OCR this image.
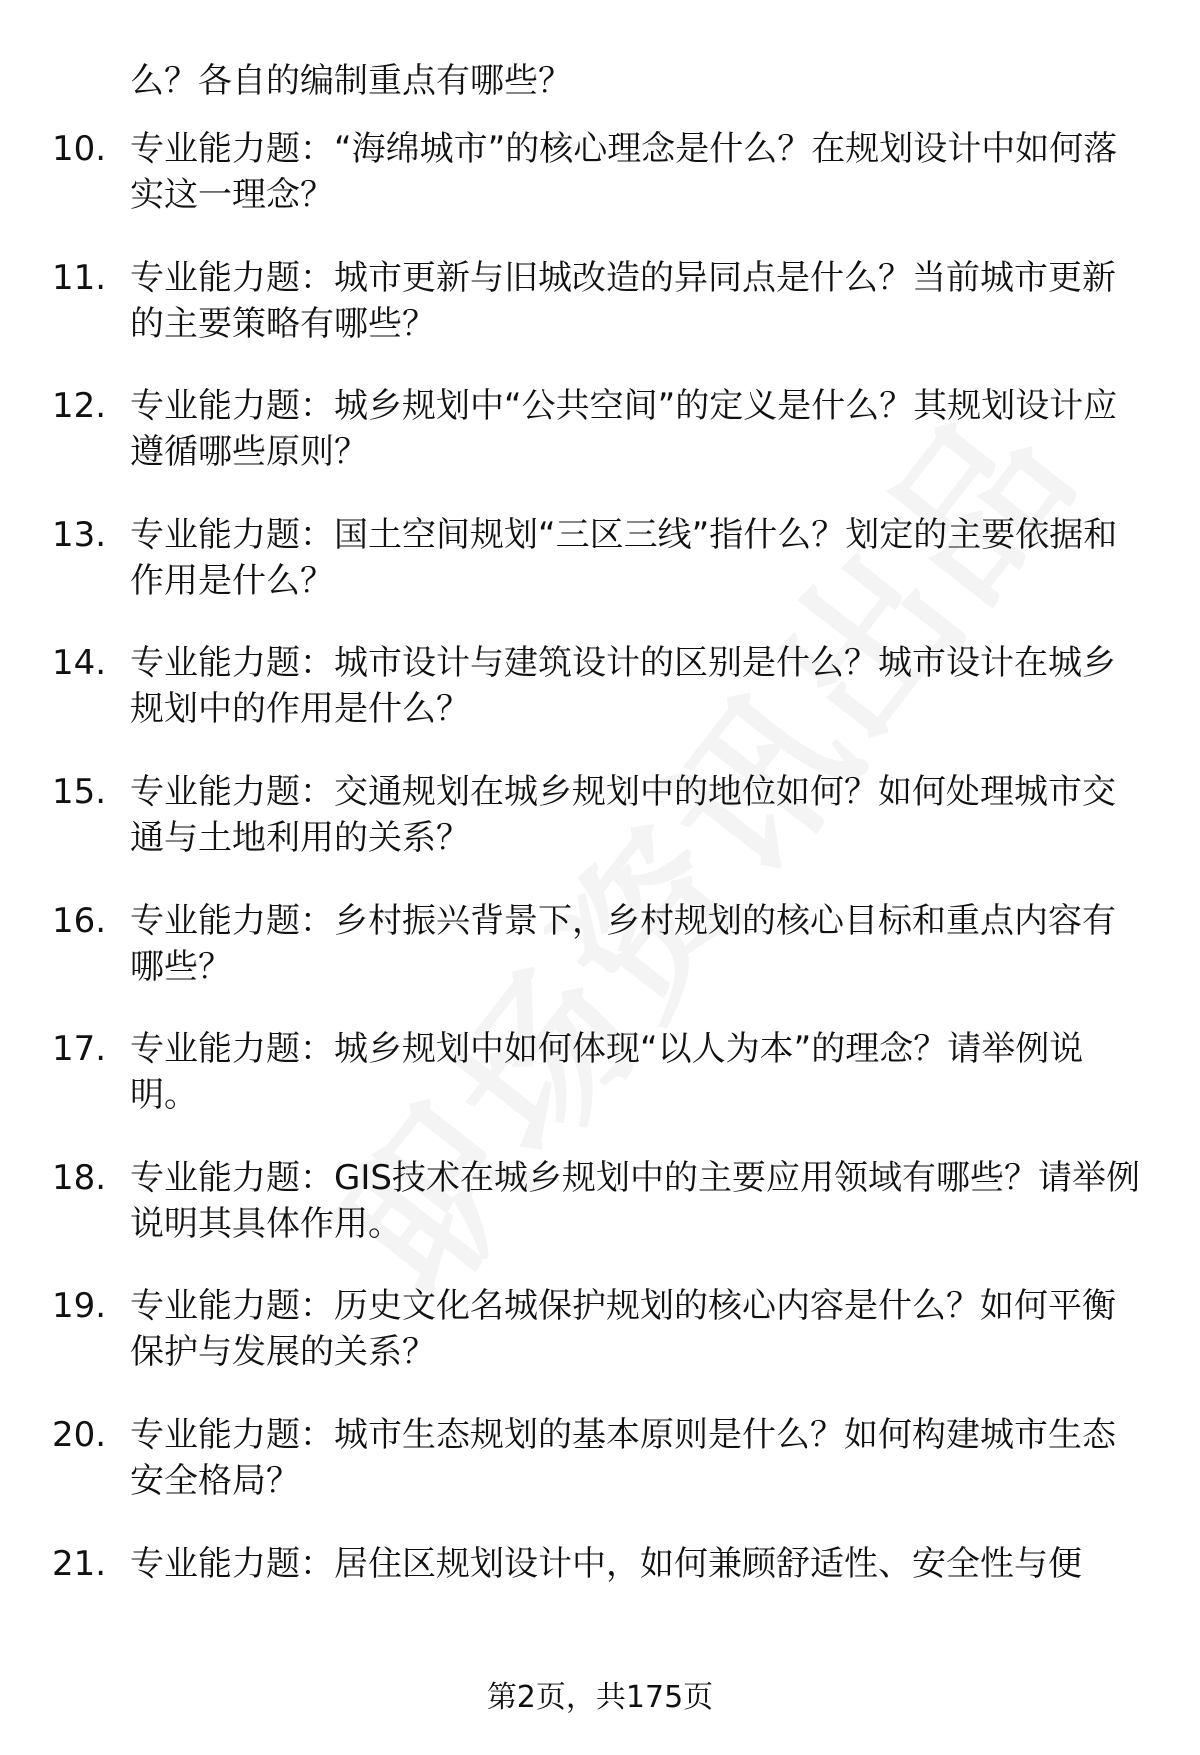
么？各自的编制重点有哪些？
10. 专业能力题：“海绵城市”的核心理念是什么？在规划设计中如何落实这一理念？
11. 专业能力题：城市更新与旧城改造的异同点是什么？当前城市更新的主要策略有哪些？
12. 专业能力题：城乡规划中“公共空间”的定义是什么？其规划设计应遵循哪些原则？
13. 专业能力题：国土空间规划“三区三线”指什么？划定的主要依据和作用是什么？
14. 专业能力题：城市设计与建筑设计的区别是什么？城市设计在城乡规划中的作用是什么？
15. 专业能力题：交通规划在城乡规划中的地位如何？如何处理城市交通与土地利用的关系？
16. 专业能力题：乡村振兴背景下，乡村规划的核心目标和重点内容有哪些？
17. 专业能力题：城乡规划中如何体现“以人为本”的理念？请举例说明。
18. 专业能力题：GIS技术在城乡规划中的主要应用领域有哪些？请举例说明其具体作用。
19. 专业能力题：历史文化名城保护规划的核心内容是什么？如何平衡保护与发展的关系？
20. 专业能力题：城市生态规划的基本原则是什么？如何构建城市生态安全格局？
21. 专业能力题：居住区规划设计中，如何兼顾舒适性、安全性与便
第2页，共175页
